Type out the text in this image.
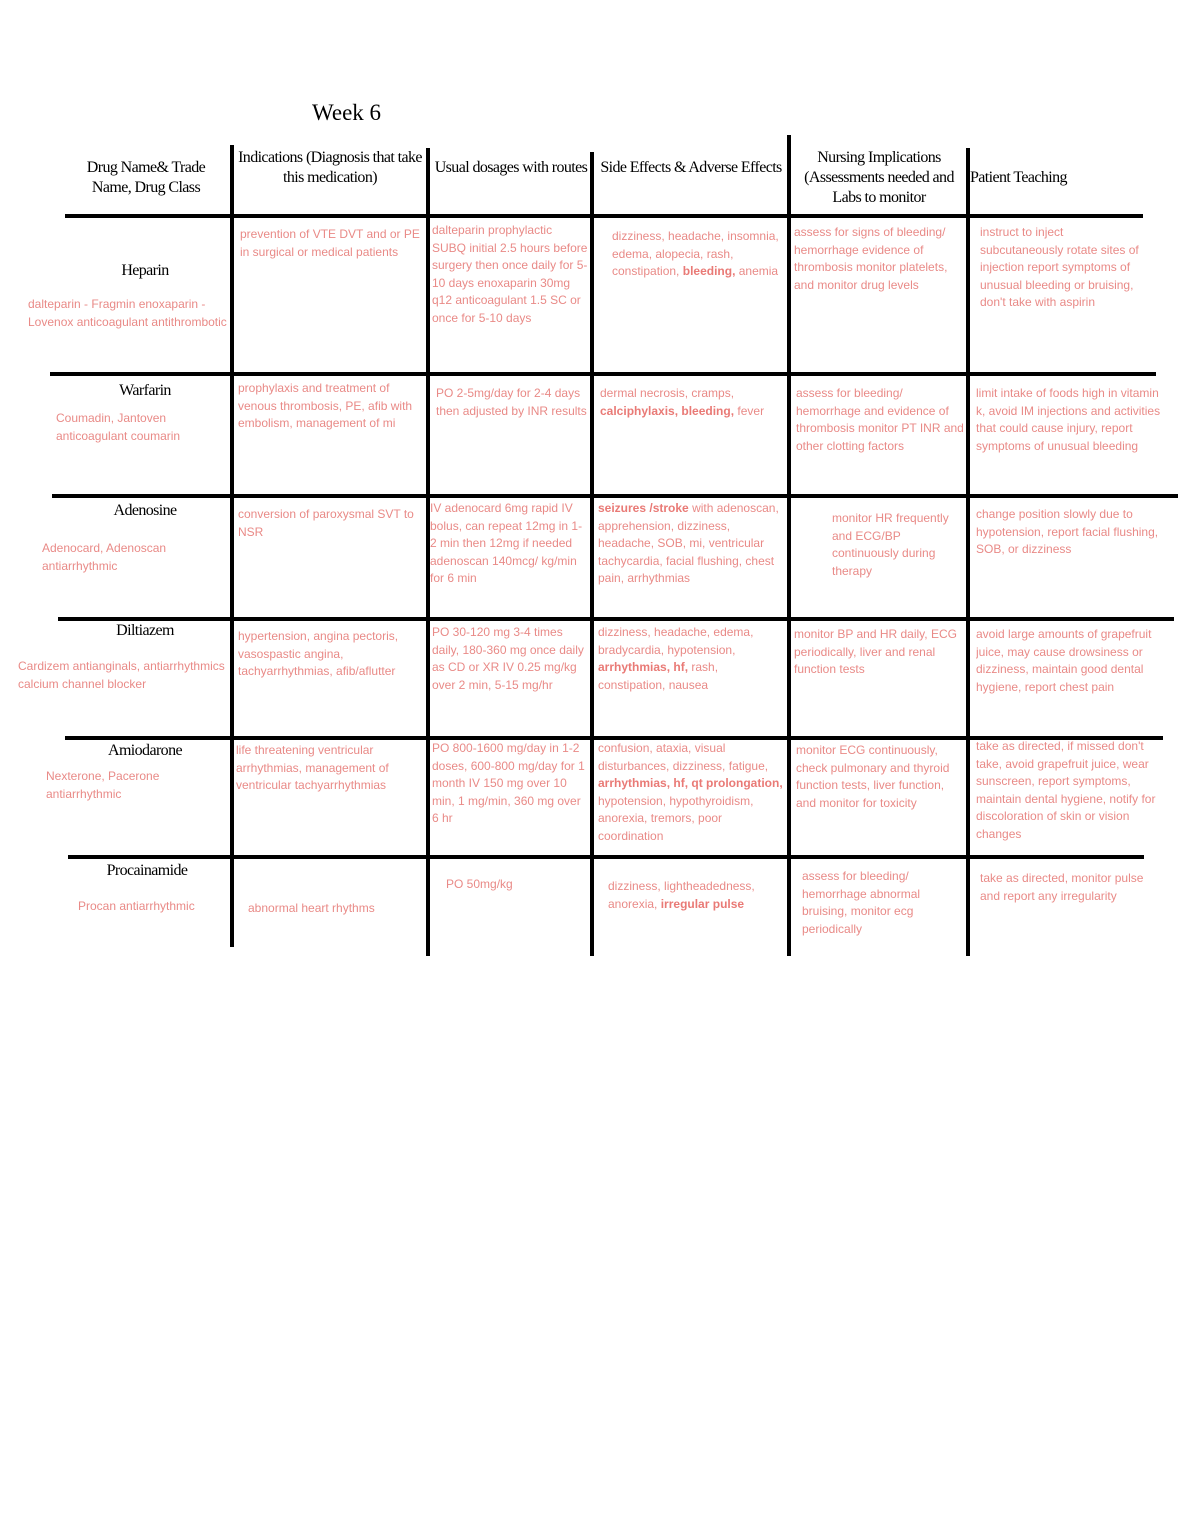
Week 6
Drug Name& Trade Name, Drug Class
Indications (Diagnosis that take this medication)
Usual dosages with routes Side Effects & Adverse Effects
Nursing Implications (Assessments needed and Labs to monitor
Patient Teaching
Heparin
dalteparin - Fragmin enoxaparin - Lovenox anticoagulant antithrombotic
prevention of VTE DVT and or PE in surgical or medical patients
dalteparin prophylactic SUBQ initial 2.5 hours before surgery then once daily for 5-10 days enoxaparin 30mg q12 anticoagulant 1.5 SC or once for 5-10 days
dizziness, headache, insomnia, edema, alopecia, rash, constipation, bleeding, anemia
assess for signs of bleeding/ hemorrhage evidence of thrombosis monitor platelets, and monitor drug levels
instruct to inject subcutaneously rotate sites of injection report symptoms of unusual bleeding or bruising, don't take with aspirin
Warfarin
Coumadin, Jantoven anticoagulant coumarin
prophylaxis and treatment of venous thrombosis, PE, afib with embolism, management of mi
PO 2-5mg/day for 2-4 days then adjusted by INR results
dermal necrosis, cramps, calciphylaxis, bleeding, fever
assess for bleeding/ hemorrhage and evidence of thrombosis monitor PT INR and other clotting factors
limit intake of foods high in vitamin k, avoid IM injections and activities that could cause injury, report symptoms of unusual bleeding
Adenosine
Adenocard, Adenoscan antiarrhythmic
conversion of paroxysmal SVT to NSR
IV adenocard 6mg rapid IV bolus, can repeat 12mg in 1-2 min then 12mg if needed adenoscan 140mcg/ kg/min for 6 min
seizures /stroke with adenoscan, apprehension, dizziness, headache, SOB, mi, ventricular tachycardia, facial flushing, chest pain, arrhythmias
monitor HR frequently and ECG/BP continuously during therapy
change position slowly due to hypotension, report facial flushing, SOB, or dizziness
Diltiazem
Cardizem antianginals, antiarrhythmics calcium channel blocker
hypertension, angina pectoris, vasospastic angina, tachyarrhythmias, afib/aflutter
PO 30-120 mg 3-4 times daily, 180-360 mg once daily as CD or XR IV 0.25 mg/kg over 2 min, 5-15 mg/hr
dizziness, headache, edema, bradycardia, hypotension, arrhythmias, hf, rash, constipation, nausea
monitor BP and HR daily, ECG periodically, liver and renal function tests
avoid large amounts of grapefruit juice, may cause drowsiness or dizziness, maintain good dental hygiene, report chest pain
Amiodarone
Nexterone, Pacerone antiarrhythmic
life threatening ventricular arrhythmias, management of ventricular tachyarrhythmias
PO 800-1600 mg/day in 1-2 doses, 600-800 mg/day for 1 month IV 150 mg over 10 min, 1 mg/min, 360 mg over 6 hr
confusion, ataxia, visual disturbances, dizziness, fatigue, arrhythmias, hf, qt prolongation, hypotension, hypothyroidism, anorexia, tremors, poor coordination
monitor ECG continuously, check pulmonary and thyroid function tests, liver function, and monitor for toxicity
take as directed, if missed don't take, avoid grapefruit juice, wear sunscreen, report symptoms, maintain dental hygiene, notify for discoloration of skin or vision changes
Procainamide
Procan antiarrhythmic	abnormal heart rhythms
PO 50mg/kg	dizziness, lightheadedness, anorexia, irregular pulse
assess for bleeding/ hemorrhage abnormal bruising, monitor ecg periodically
take as directed, monitor pulse and report any irregularity
